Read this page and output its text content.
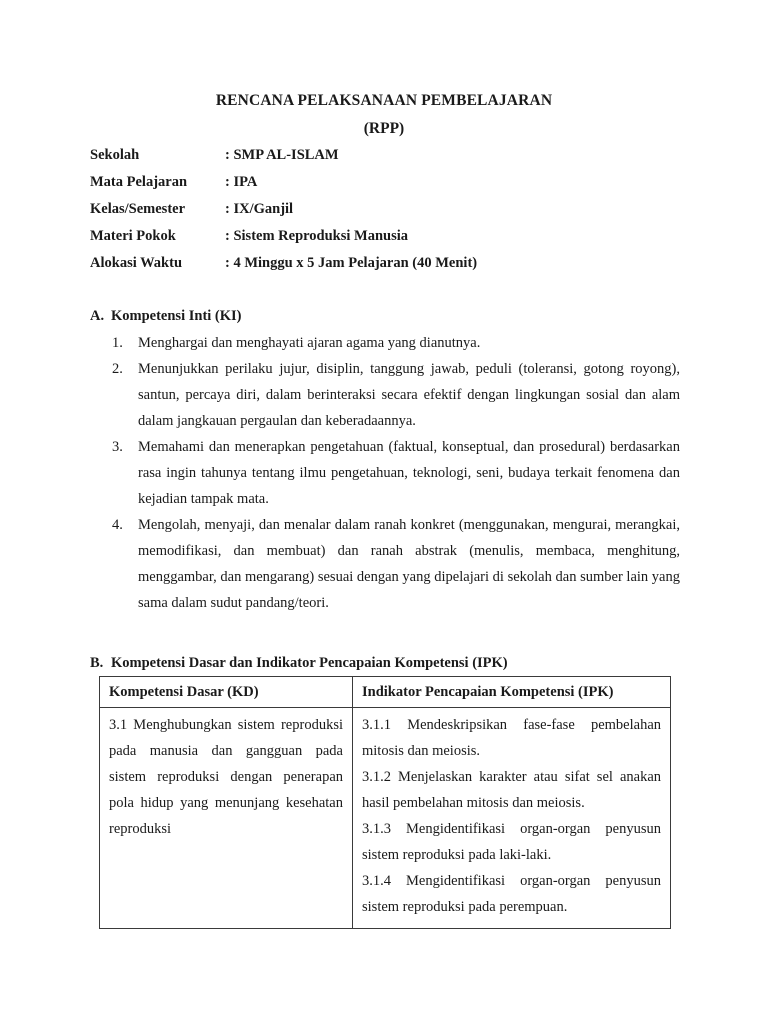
RENCANA PELAKSANAAN PEMBELAJARAN
(RPP)
Sekolah	: SMP AL-ISLAM
Mata Pelajaran	: IPA
Kelas/Semester	: IX/Ganjil
Materi Pokok	: Sistem Reproduksi Manusia
Alokasi Waktu	: 4 Minggu x 5 Jam Pelajaran (40 Menit)
A. Kompetensi Inti (KI)
1.	Menghargai dan menghayati ajaran agama yang dianutnya.
2.	Menunjukkan perilaku jujur, disiplin, tanggung jawab, peduli (toleransi, gotong royong), santun, percaya diri, dalam berinteraksi secara efektif dengan lingkungan sosial dan alam dalam jangkauan pergaulan dan keberadaannya.
3.	Memahami dan menerapkan pengetahuan (faktual, konseptual, dan prosedural) berdasarkan rasa ingin tahunya tentang ilmu pengetahuan, teknologi, seni, budaya terkait fenomena dan kejadian tampak mata.
4.	Mengolah, menyaji, dan menalar dalam ranah konkret (menggunakan, mengurai, merangkai, memodifikasi, dan membuat) dan ranah abstrak (menulis, membaca, menghitung, menggambar, dan mengarang) sesuai dengan yang dipelajari di sekolah dan sumber lain yang sama dalam sudut pandang/teori.
B. Kompetensi Dasar dan Indikator Pencapaian Kompetensi (IPK)
Kompetensi Dasar (KD)	Indikator Pencapaian Kompetensi (IPK)

3.1 Menghubungkan sistem reproduksi pada manusia dan gangguan pada sistem reproduksi dengan penerapan pola hidup yang menunjang kesehatan reproduksi	3.1.1 Mendeskripsikan fase-fase pembelahan mitosis dan meiosis.

3.1.2 Menjelaskan karakter atau sifat sel anakan hasil pembelahan mitosis dan meiosis.

3.1.3 Mengidentifikasi organ-organ penyusun sistem reproduksi pada laki-laki.

3.1.4 Mengidentifikasi organ-organ penyusun sistem reproduksi pada perempuan.
